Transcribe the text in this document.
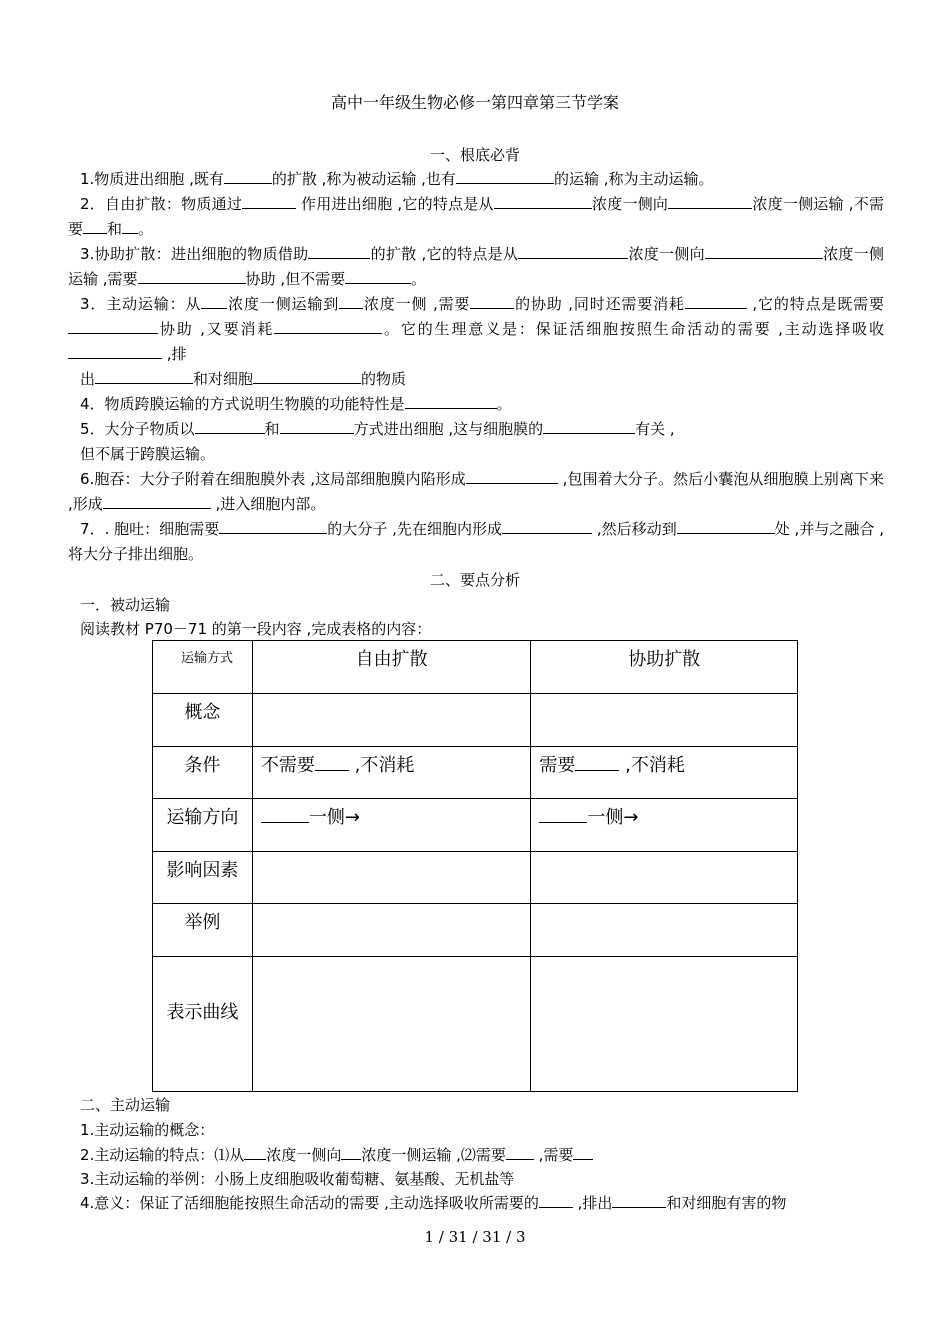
高中一年级生物必修一第四章第三节学案
一、根底必背
1.物质进出细胞 ,既有	的扩散 ,称为被动运输 ,也有	的运输 ,称为主动运输。
2．自由扩散：物质通过	作用进出细胞 ,它的特点是从	浓度一侧向	浓度一侧运输 ,不需要 和 。
3.协助扩散：进出细胞的物质借助	的扩散 ,它的特点是从	浓度一侧向	浓度一侧运输 ,需要	协助 ,但不需要	。
3．主动运输：从 浓度一侧运输到 浓度一侧 ,需要	的协助 ,同时还需要消耗	,它的特点是既需要协助 ,又要消耗	。它的生理意义是：保证活细胞按照生命活动的需要 ,主动选择吸收 ,排
出	和对细胞	的物质
4．物质跨膜运输的方式说明生物膜的功能特性是	。
5．大分子物质以	和	方式进出细胞 ,这与细胞膜的	有关 ,
但不属于跨膜运输。
6.胞吞：大分子附着在细胞膜外表 ,这局部细胞膜内陷形成	,包围着大分子。然后小囊泡从细胞膜上别离下来 ,形成	,进入细胞内部。
7．. 胞吐：细胞需要	的大分子 ,先在细胞内形成	,然后移动到	处 ,并与之融合 ,将大分子排出细胞。
二、要点分析
一．被动运输
阅读教材 P70－71 的第一段内容 ,完成表格的内容：
运输方式	自由扩散	协助扩散
概念		
条件	不需要 ,不消耗	需要 ,不消耗
运输方向	一侧→	一侧→
影响因素		
举例		
表示曲线		
二、主动运输
1.主动运输的概念：
2.主动运输的特点：⑴从 浓度一侧向 浓度一侧运输 ,⑵需要 ,需要
3.主动运输的举例：小肠上皮细胞吸收葡萄糖、氨基酸、无机盐等
4.意义：保证了活细胞能按照生命活动的需要 ,主动选择吸收所需要的 ,排出	和对细胞有害的物
1 / 31 / 31 / 3
